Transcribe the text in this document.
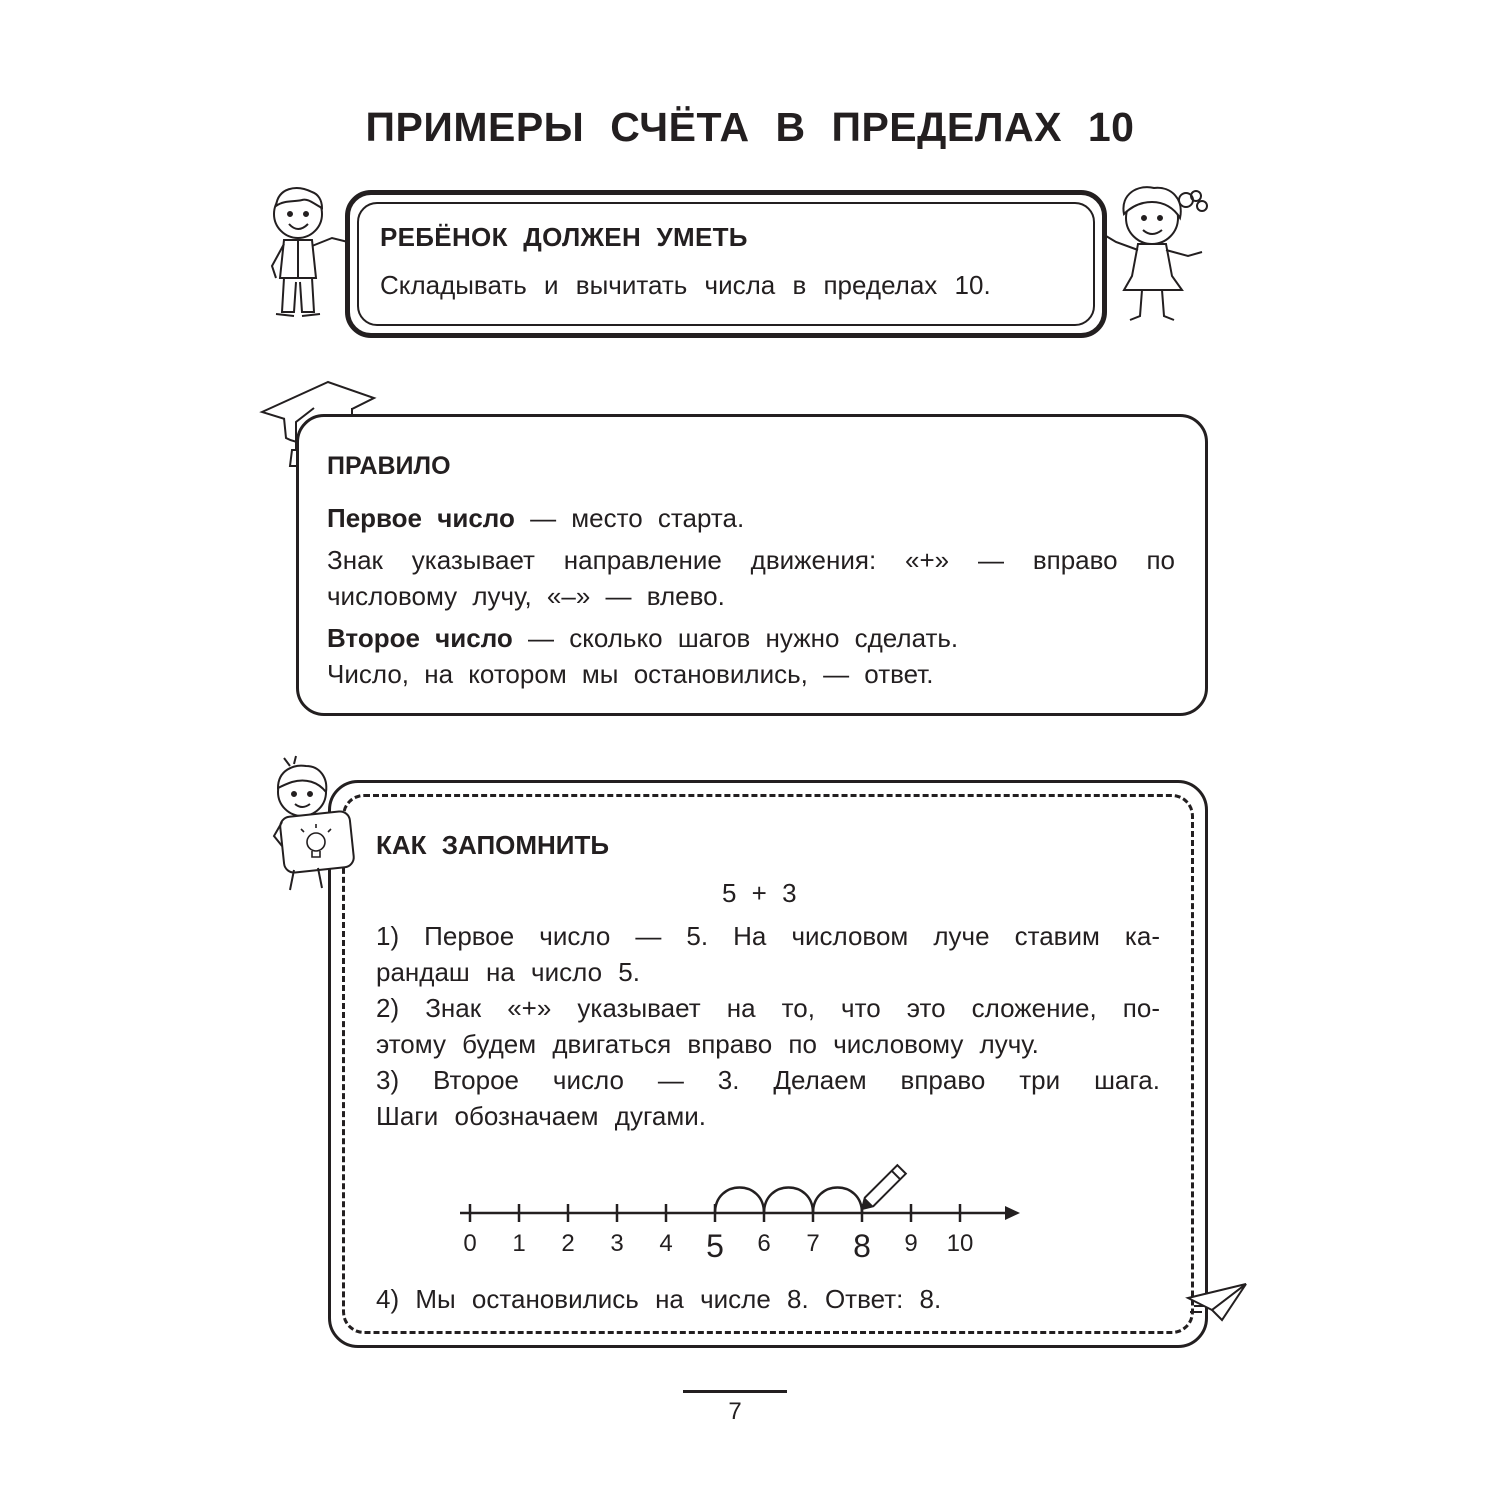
ПРИМЕРЫ СЧЁТА В ПРЕДЕЛАХ 10
РЕБЁНОК ДОЛЖЕН УМЕТЬ
Складывать и вычитать числа в пределах 10.
ПРАВИЛО
Первое число — место старта.
Знак указывает направление движения: «+» — вправо по числовому лучу, «–» — влево.
Второе число — сколько шагов нужно сделать.
Число, на котором мы остановились, — ответ.
КАК ЗАПОМНИТЬ
5 + 3
1) Первое число — 5. На числовом луче ставим ка-
рандаш на число 5.
2) Знак «+» указывает на то, что это сложение, по-
этому будем двигаться вправо по числовому лучу.
3) Второе число — 3. Делаем вправо три шага.
Шаги обозначаем дугами.
0 1 2 3 4 5 6 7 8 9 10
4) Мы остановились на числе 8. Ответ: 8.
7
